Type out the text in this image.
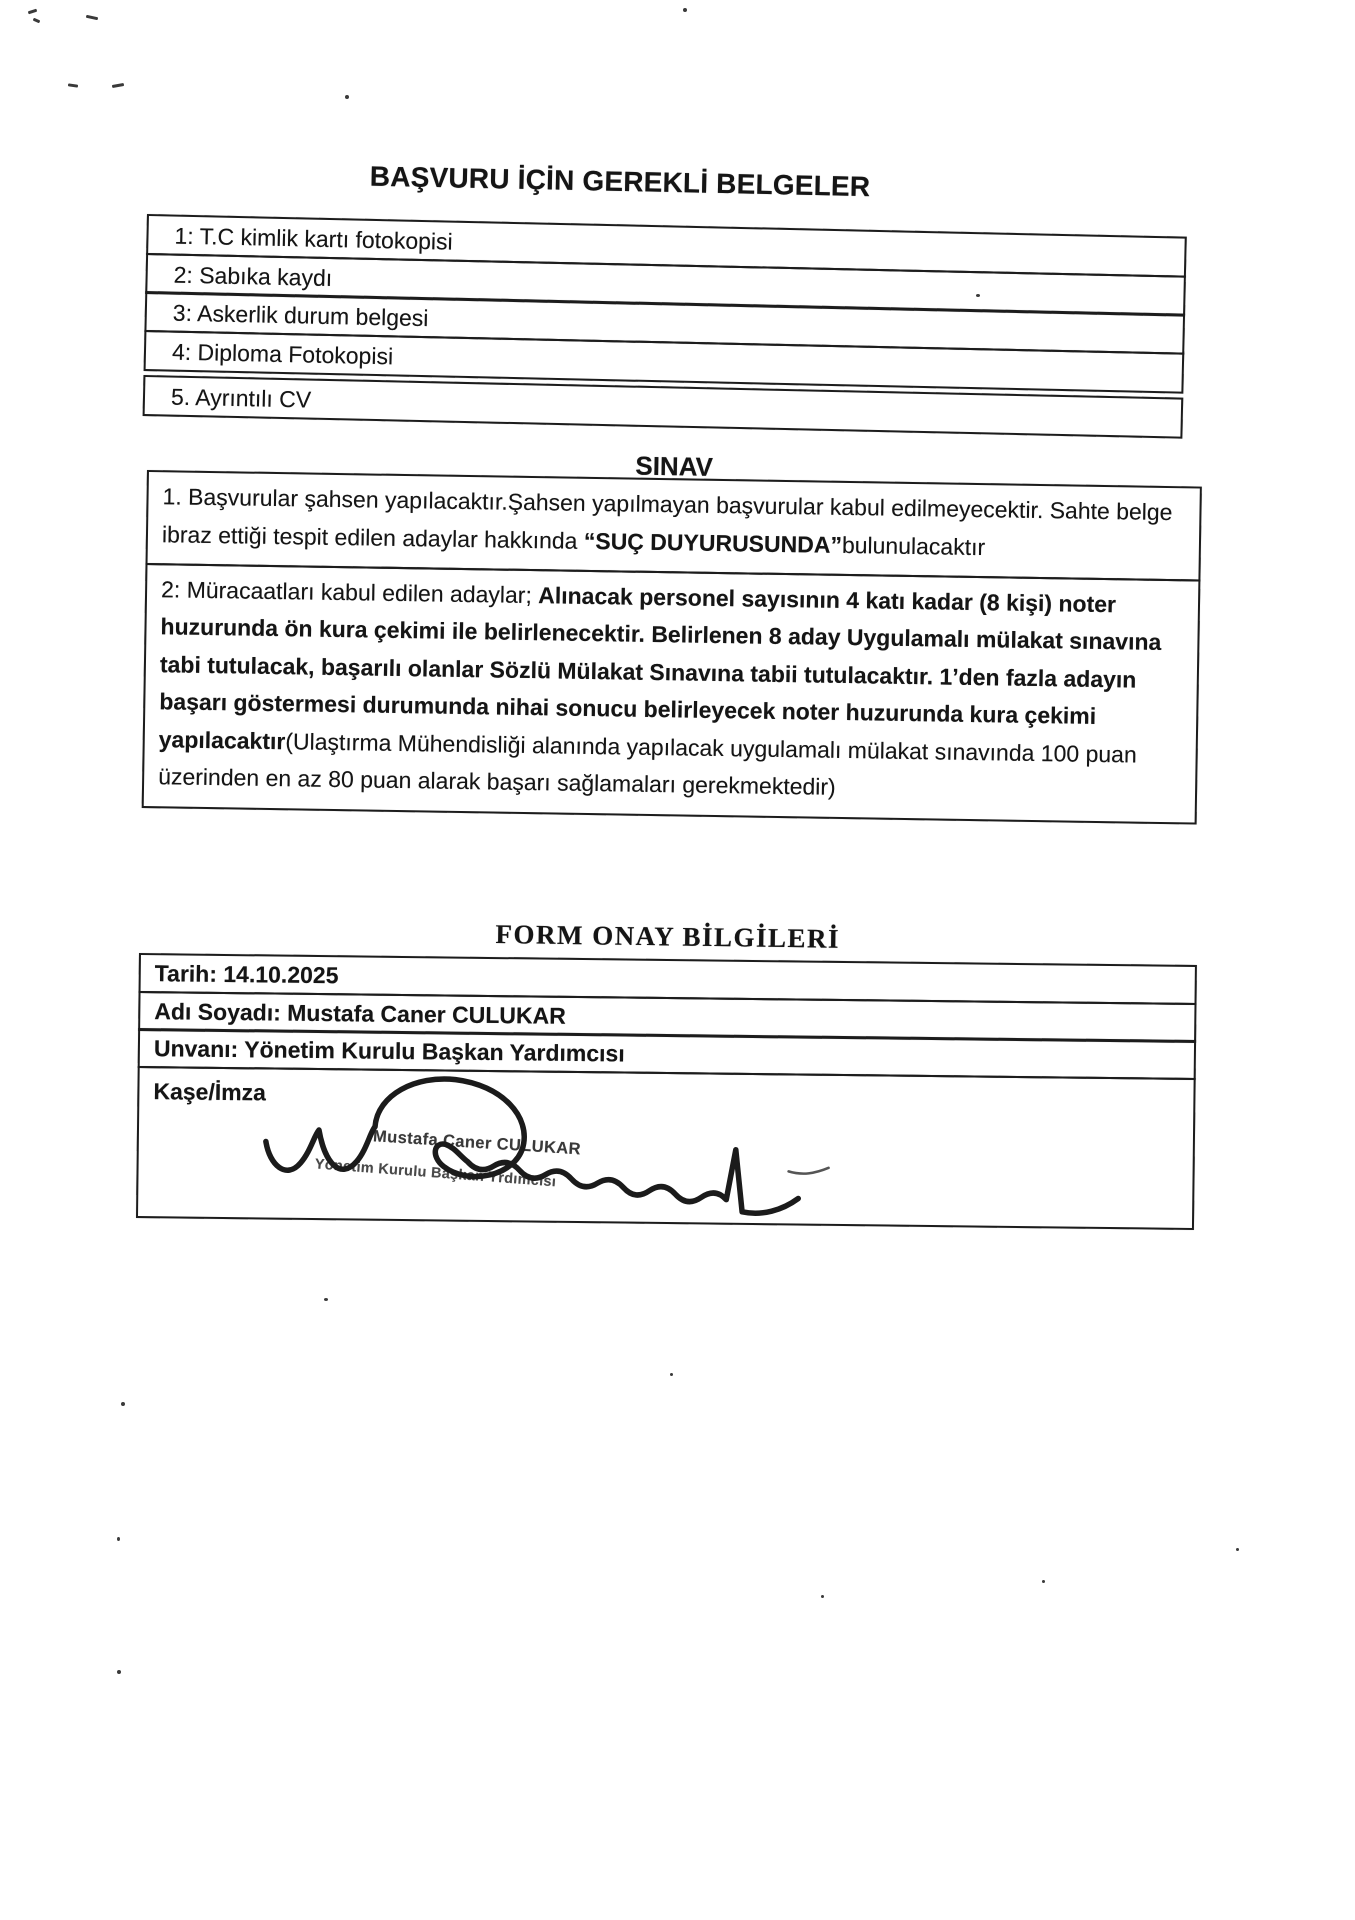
BAŞVURU İÇİN GEREKLİ BELGELER
1: T.C kimlik kartı fotokopisi
2: Sabıka kaydı
3: Askerlik durum belgesi
4: Diploma Fotokopisi
5. Ayrıntılı CV
SINAV
1. Başvurular şahsen yapılacaktır.Şahsen yapılmayan başvurular kabul edilmeyecektir. Sahte belge ibraz ettiği tespit edilen adaylar hakkında “SUÇ DUYURUSUNDA”bulunulacaktır
2: Müracaatları kabul edilen adaylar; Alınacak personel sayısının 4 katı kadar (8 kişi) noter huzurunda ön kura çekimi ile belirlenecektir. Belirlenen 8 aday Uygulamalı mülakat sınavına tabi tutulacak, başarılı olanlar Sözlü Mülakat Sınavına tabii tutulacaktır. 1’den fazla adayın başarı göstermesi durumunda nihai sonucu belirleyecek noter huzurunda kura çekimi yapılacaktır(Ulaştırma Mühendisliği alanında yapılacak uygulamalı mülakat sınavında 100 puan üzerinden en az 80 puan alarak başarı sağlamaları gerekmektedir)
FORM ONAY BİLGİLERİ
Tarih: 14.10.2025
Adı Soyadı: Mustafa Caner CULUKAR
Unvanı: Yönetim Kurulu Başkan Yardımcısı
Kaşe/İmza
Mustafa Caner CULUKAR
Yönetim Kurulu Başkan Yrdımcısı
